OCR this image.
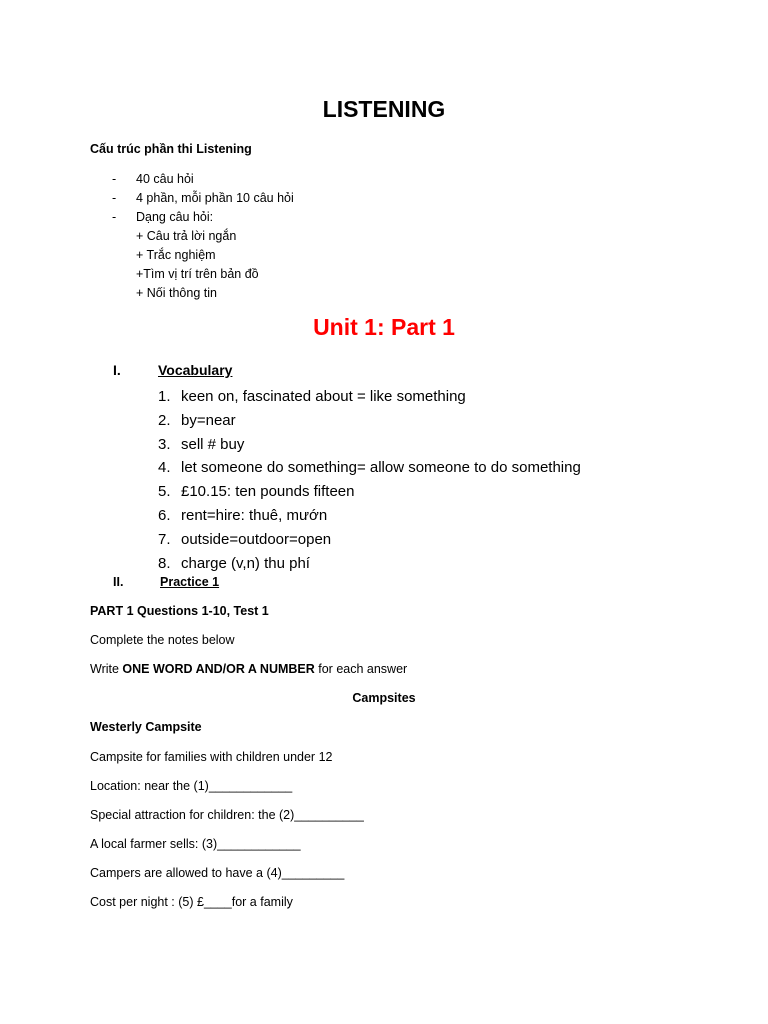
LISTENING
Cấu trúc phần thi Listening
-	40 câu hỏi
-	4 phần, mỗi phần 10 câu hỏi
-	Dạng câu hỏi:
+ Câu trả lời ngắn
+ Trắc nghiệm
+Tìm vị trí trên bản đồ
+ Nối thông tin
Unit 1: Part 1
I.	Vocabulary
1. keen on, fascinated about = like something
2. by=near
3. sell # buy
4. let someone do something= allow someone to do something
5. £10.15: ten pounds fifteen
6. rent=hire: thuê, mướn
7. outside=outdoor=open
8. charge (v,n) thu phí
II.	Practice 1
PART 1 Questions 1-10, Test 1
Complete the notes below
Write ONE WORD AND/OR A NUMBER for each answer
Campsites
Westerly Campsite
Campsite for families with children under 12
Location: near the (1)____________
Special attraction for children: the (2)__________
A local farmer sells: (3)____________
Campers are allowed to have a (4)_________
Cost per night : (5) £____for a family
